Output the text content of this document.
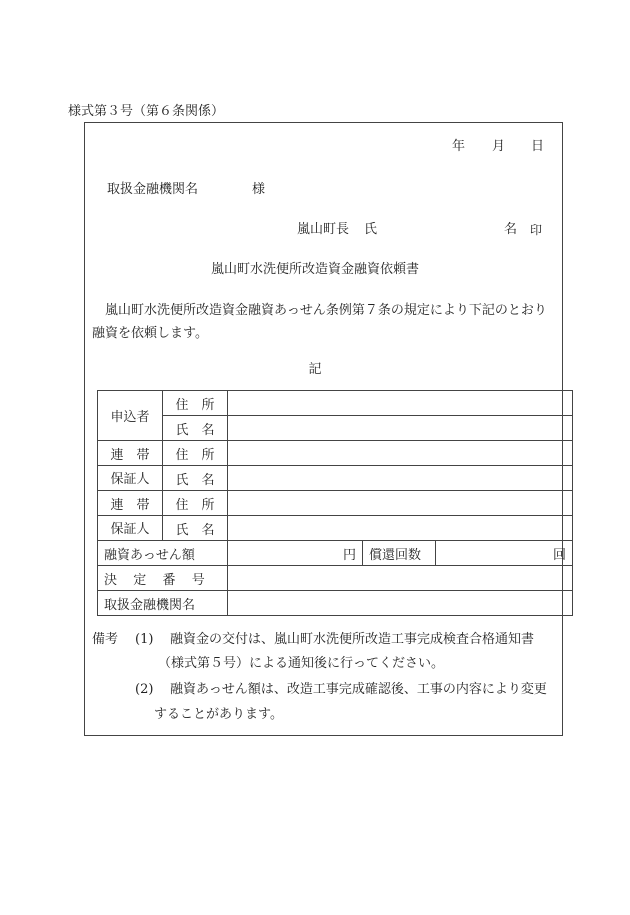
様式第３号（第６条関係）
年 月 日
取扱金融機関名	様
嵐山町長 氏	名 印
嵐山町水洗便所改造資金融資依頼書
嵐山町水洗便所改造資金融資あっせん条例第７条の規定により下記のとおり融資を依頼します。
記
申込者	住　所			
	氏　名			
連　帯	住　所			
保証人	氏　名			
連　帯	住　所			
保証人	氏　名			
融資あっせん額		円	償還回数	回
決定番号				
取扱金融機関名				
備考 (1) 融資金の交付は、嵐山町水洗便所改造工事完成検査合格通知書
（様式第５号）による通知後に行ってください。
(2) 融資あっせん額は、改造工事完成確認後、工事の内容により変更
することがあります。
